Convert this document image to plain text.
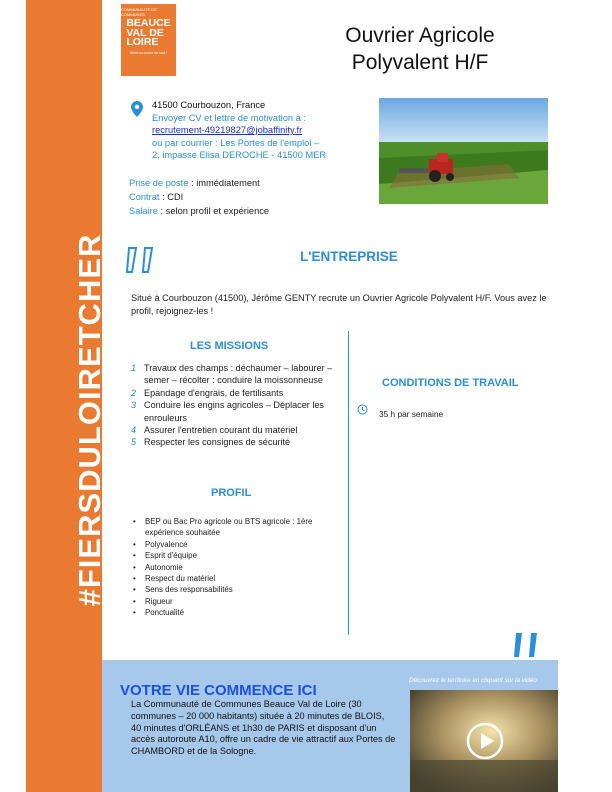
#FIERSDULOIRETCHER
COMMUNAUTÉ DE COMMUNES
BEAUCE
VAL DE
LOIRE
Vivre au centre de tout !
Ouvrier Agricole
Polyvalent H/F
41500 Courbouzon, France
Envoyer CV et lettre de motivation à :
recrutement-49219827@jobaffinity.fr
ou par courrier : Les Portes de l'emploi –
2, impasse Elisa DEROCHE - 41500 MER
Prise de poste : immédiatement
Contrat : CDI
Salaire : selon profil et expérience
L'ENTREPRISE
Situé à Courbouzon (41500), Jérôme GENTY recrute un Ouvrier Agricole Polyvalent H/F. Vous avez le profil, rejoignez-les !
LES MISSIONS
1 Travaux des champs : déchaumer – labourer – semer – récolter : conduire la moissonneuse
2 Epandage d'engrais, de fertilisants
3 Conduire les engins agricoles – Déplacer les enrouleurs
4 Assurer l'entretien courant du matériel
5 Respecter les consignes de sécurité
PROFIL
• BEP ou Bac Pro agricole ou BTS agricole : 1ère expérience souhaitée
• Polyvalence
• Esprit d'équipe
• Autonomie
• Respect du matériel
• Sens des responsabilités
• Rigueur
• Ponctualité
CONDITIONS DE TRAVAIL
35 h par semaine
VOTRE VIE COMMENCE ICI
La Communauté de Communes Beauce Val de Loire (30 communes – 20 000 habitants) située à 20 minutes de BLOIS, 40 minutes d'ORLÉANS et 1h30 de PARIS et disposant d'un accès autoroute A10, offre un cadre de vie attractif aux Portes de CHAMBORD et de la Sologne.
Découvrez le territoire en cliquant sur la vidéo
